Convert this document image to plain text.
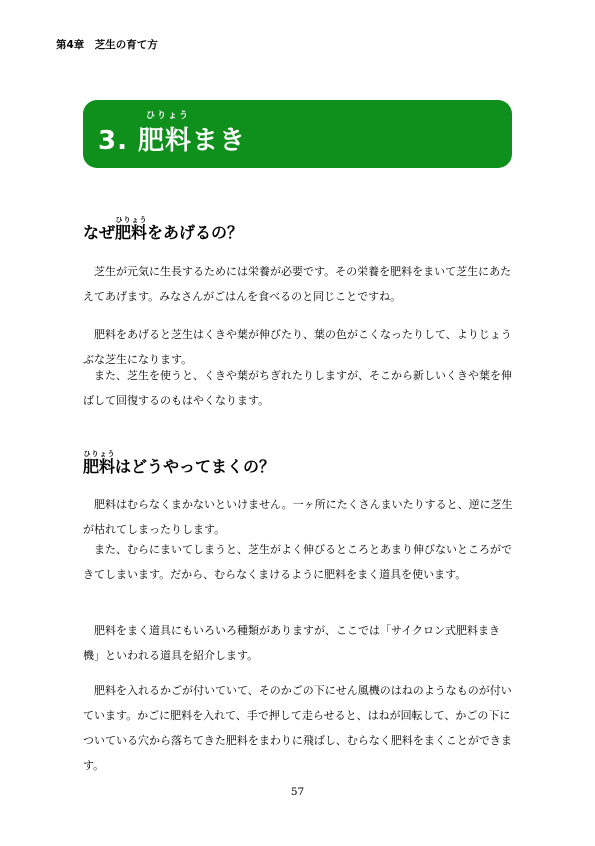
第4章　芝生の育て方
ひりょう
3. 肥料まき
なぜ肥料ひりょうをあげるの？

芝生が元気に生長するためには栄養が必要です。その栄養を肥料をまいて芝生にあたえてあげます。みなさんがごはんを食べるのと同じことですね。

肥料をあげると芝生はくきや葉が伸びたり、葉の色がこくなったりして、よりじょうぶな芝生になります。

また、芝生を使うと、くきや葉がちぎれたりしますが、そこから新しいくきや葉を伸ばして回復するのもはやくなります。

肥料ひりょうはどうやってまくの？

肥料はむらなくまかないといけません。一ヶ所にたくさんまいたりすると、逆に芝生が枯れてしまったりします。

また、むらにまいてしまうと、芝生がよく伸びるところとあまり伸びないところができてしまいます。だから、むらなくまけるように肥料をまく道具を使います。

肥料をまく道具にもいろいろ種類がありますが、ここでは「サイクロン式肥料まき機」といわれる道具を紹介します。

肥料を入れるかごが付いていて、そのかごの下にせん風機のはねのようなものが付いています。かごに肥料を入れて、手で押して走らせると、はねが回転して、かごの下についている穴から落ちてきた肥料をまわりに飛ばし、むらなく肥料をまくことができます。

57
